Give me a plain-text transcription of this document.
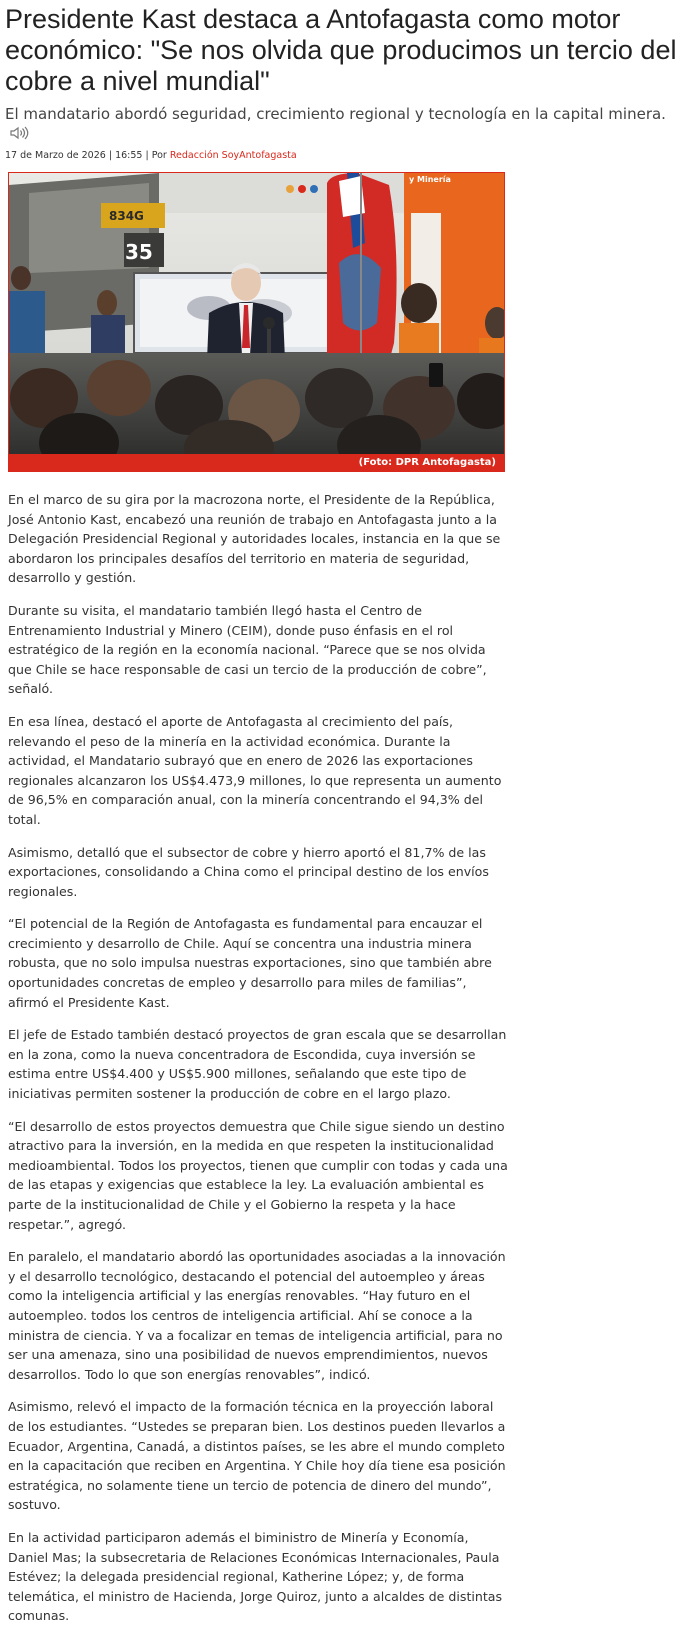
Presidente Kast destaca a Antofagasta como motor económico: "Se nos olvida que producimos un tercio del cobre a nivel mundial"
El mandatario abordó seguridad, crecimiento regional y tecnología en la capital minera.
17 de Marzo de 2026 | 16:55 | Por Redacción SoyAntofagasta
35
834G
y Minería
(Foto: DPR Antofagasta)

En el marco de su gira por la macrozona norte, el Presidente de la República, José Antonio Kast, encabezó una reunión de trabajo en Antofagasta junto a la Delegación Presidencial Regional y autoridades locales, instancia en la que se abordaron los principales desafíos del territorio en materia de seguridad, desarrollo y gestión.

Durante su visita, el mandatario también llegó hasta el Centro de Entrenamiento Industrial y Minero (CEIM), donde puso énfasis en el rol estratégico de la región en la economía nacional. “Parece que se nos olvida que Chile se hace responsable de casi un tercio de la producción de cobre”, señaló.

En esa línea, destacó el aporte de Antofagasta al crecimiento del país, relevando el peso de la minería en la actividad económica. Durante la actividad, el Mandatario subrayó que en enero de 2026 las exportaciones regionales alcanzaron los US$4.473,9 millones, lo que representa un aumento de 96,5% en comparación anual, con la minería concentrando el 94,3% del total.

Asimismo, detalló que el subsector de cobre y hierro aportó el 81,7% de las exportaciones, consolidando a China como el principal destino de los envíos regionales.

“El potencial de la Región de Antofagasta es fundamental para encauzar el crecimiento y desarrollo de Chile. Aquí se concentra una industria minera robusta, que no solo impulsa nuestras exportaciones, sino que también abre oportunidades concretas de empleo y desarrollo para miles de familias”, afirmó el Presidente Kast.

El jefe de Estado también destacó proyectos de gran escala que se desarrollan en la zona, como la nueva concentradora de Escondida, cuya inversión se estima entre US$4.400 y US$5.900 millones, señalando que este tipo de iniciativas permiten sostener la producción de cobre en el largo plazo.

“El desarrollo de estos proyectos demuestra que Chile sigue siendo un destino atractivo para la inversión, en la medida en que respeten la institucionalidad medioambiental. Todos los proyectos, tienen que cumplir con todas y cada una de las etapas y exigencias que establece la ley. La evaluación ambiental es parte de la institucionalidad de Chile y el Gobierno la respeta y la hace respetar.”, agregó.

En paralelo, el mandatario abordó las oportunidades asociadas a la innovación y el desarrollo tecnológico, destacando el potencial del autoempleo y áreas como la inteligencia artificial y las energías renovables. “Hay futuro en el autoempleo. todos los centros de inteligencia artificial. Ahí se conoce a la ministra de ciencia. Y va a focalizar en temas de inteligencia artificial, para no ser una amenaza, sino una posibilidad de nuevos emprendimientos, nuevos desarrollos. Todo lo que son energías renovables”, indicó.

Asimismo, relevó el impacto de la formación técnica en la proyección laboral de los estudiantes. “Ustedes se preparan bien. Los destinos pueden llevarlos a Ecuador, Argentina, Canadá, a distintos países, se les abre el mundo completo en la capacitación que reciben en Argentina. Y Chile hoy día tiene esa posición estratégica, no solamente tiene un tercio de potencia de dinero del mundo”, sostuvo.

En la actividad participaron además el biministro de Minería y Economía, Daniel Mas; la subsecretaria de Relaciones Económicas Internacionales, Paula Estévez; la delegada presidencial regional, Katherine López; y, de forma telemática, el ministro de Hacienda, Jorge Quiroz, junto a alcaldes de distintas comunas.
